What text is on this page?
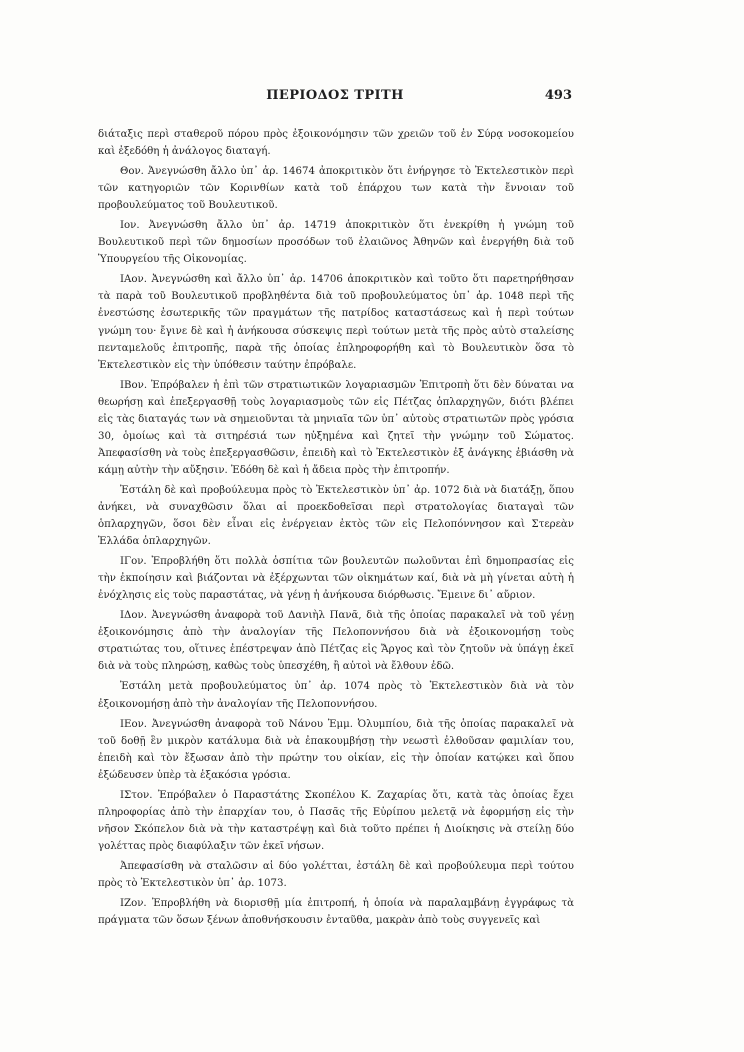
ΠΕΡΙΟΔΟΣ ΤΡΙΤΗ	493

διάταξις περὶ σταθεροῦ πόρου πρὸς ἐξοικονόμησιν τῶν χρειῶν τοῦ ἐν Σύρᾳ νοσοκομείου καὶ ἐξεδόθη ἡ ἀνάλογος διαταγή.

Θον. Ἀνεγνώσθη ἄλλο ὑπ᾽ ἀρ. 14674 ἀποκριτικὸν ὅτι ἐνήργησε τὸ Ἐκτελεστικὸν περὶ τῶν κατηγοριῶν τῶν Κορινθίων κατὰ τοῦ ἐπάρχου των κατὰ τὴν ἔννοιαν τοῦ προβουλεύματος τοῦ Βουλευτικοῦ.

Ιον. Ἀνεγνώσθη ἄλλο ὑπ᾽ ἀρ. 14719 ἀποκριτικὸν ὅτι ἐνεκρίθη ἡ γνώμη τοῦ Βουλευτικοῦ περὶ τῶν δημοσίων προσόδων τοῦ ἐλαιῶνος Ἀθηνῶν καὶ ἐνεργήθη διὰ τοῦ Ὑπουργείου τῆς Οἰκονομίας.

ΙΑον. Ἀνεγνώσθη καὶ ἄλλο ὑπ᾽ ἀρ. 14706 ἀποκριτικὸν καὶ τοῦτο ὅτι παρετηρήθησαν τὰ παρὰ τοῦ Βουλευτικοῦ προβληθέντα διὰ τοῦ προβουλεύματος ὑπ᾽ ἀρ. 1048 περὶ τῆς ἐνεστώσης ἐσωτερικῆς τῶν πραγμάτων τῆς πατρίδος καταστάσεως καὶ ἡ περὶ τούτων γνώμη του· ἔγινε δὲ καὶ ἡ ἀνήκουσα σύσκεψις περὶ τούτων μετὰ τῆς πρὸς αὐτὸ σταλείσης πενταμελοῦς ἐπιτροπῆς, παρὰ τῆς ὁποίας ἐπληροφορήθη καὶ τὸ Βουλευτικὸν ὅσα τὸ Ἐκτελεστικὸν εἰς τὴν ὑπόθεσιν ταύτην ἐπρόβαλε.

ΙΒον. Ἐπρόβαλεν ἡ ἐπὶ τῶν στρατιωτικῶν λογαριασμῶν Ἐπιτροπὴ ὅτι δὲν δύναται να θεωρήσῃ καὶ ἐπεξεργασθῇ τοὺς λογαριασμοὺς τῶν εἰς Πέτζας ὁπλαρχηγῶν, διότι βλέπει εἰς τὰς διαταγάς των νὰ σημειοῦνται τὰ μηνιαῖα τῶν ὑπ᾽ αὐτοὺς στρατιωτῶν πρὸς γρόσια 30, ὁμοίως καὶ τὰ σιτηρέσιά των ηὐξημένα καὶ ζητεῖ τὴν γνώμην τοῦ Σώματος. Ἀπεφασίσθη νὰ τοὺς ἐπεξεργασθῶσιν, ἐπειδὴ καὶ τὸ Ἐκτελεστικὸν ἐξ ἀνάγκης ἐβιάσθη νὰ κάμῃ αὐτὴν τὴν αὔξησιν. Ἐδόθη δὲ καὶ ἡ ἄδεια πρὸς τὴν ἐπιτροπήν.

Ἐστάλη δὲ καὶ προβούλευμα πρὸς τὸ Ἐκτελεστικὸν ὑπ᾽ ἀρ. 1072 διὰ νὰ διατάξῃ, ὅπου ἀνήκει, νὰ συναχθῶσιν ὅλαι αἱ προεκδοθεῖσαι περὶ στρατολογίας διαταγαὶ τῶν ὁπλαρχηγῶν, ὅσοι δὲν εἶναι εἰς ἐνέργειαν ἐκτὸς τῶν εἰς Πελοπόννησον καὶ Στερεὰν Ἑλλάδα ὁπλαρχηγῶν.

ΙΓον. Ἐπροβλήθη ὅτι πολλὰ ὁσπίτια τῶν βουλευτῶν πωλοῦνται ἐπὶ δημοπρασίας εἰς τὴν ἐκποίησιν καὶ βιάζονται νὰ ἐξέρχωνται τῶν οἰκημάτων καί, διὰ νὰ μὴ γίνεται αὐτὴ ἡ ἐνόχλησις εἰς τοὺς παραστάτας, νὰ γένῃ ἡ ἀνήκουσα διόρθωσις. Ἔμεινε δι᾽ αὔριον.

ΙΔον. Ἀνεγνώσθη ἀναφορὰ τοῦ Δανιὴλ Πανᾶ, διὰ τῆς ὁποίας παρακαλεῖ νὰ τοῦ γένῃ ἐξοικονόμησις ἀπὸ τὴν ἀναλογίαν τῆς Πελοποννήσου διὰ νὰ ἐξοικονομήσῃ τοὺς στρατιώτας του, οἵτινες ἐπέστρεψαν ἀπὸ Πέτζας εἰς Ἄργος καὶ τὸν ζητοῦν νὰ ὑπάγῃ ἐκεῖ διὰ νὰ τοὺς πληρώσῃ, καθὼς τοὺς ὑπεσχέθη, ἢ αὐτοὶ νὰ ἔλθουν ἐδῶ.

Ἐστάλη μετὰ προβουλεύματος ὑπ᾽ ἀρ. 1074 πρὸς τὸ Ἐκτελεστικὸν διὰ νὰ τὸν ἐξοικονομήσῃ ἀπὸ τὴν ἀναλογίαν τῆς Πελοποννήσου.

ΙΕον. Ἀνεγνώσθη ἀναφορὰ τοῦ Νάνου Ἐμμ. Ὀλυμπίου, διὰ τῆς ὁποίας παρακαλεῖ νὰ τοῦ δοθῇ ἓν μικρὸν κατάλυμα διὰ νὰ ἐπακουμβήσῃ τὴν νεωστὶ ἐλθοῦσαν φαμιλίαν του, ἐπειδὴ καὶ τὸν ἔξωσαν ἀπὸ τὴν πρώτην του οἰκίαν, εἰς τὴν ὁποίαν κατῴκει καὶ ὅπου ἐξώδευσεν ὑπὲρ τὰ ἑξακόσια γρόσια.

ΙΣτον. Ἐπρόβαλεν ὁ Παραστάτης Σκοπέλου Κ. Ζαχαρίας ὅτι, κατὰ τὰς ὁποίας ἔχει πληροφορίας ἀπὸ τὴν ἐπαρχίαν του, ὁ Πασᾶς τῆς Εὐρίπου μελετᾷ νὰ ἐφορμήσῃ εἰς τὴν νῆσον Σκόπελον διὰ νὰ τὴν καταστρέψῃ καὶ διὰ τοῦτο πρέπει ἡ Διοίκησις νὰ στείλῃ δύο γολέττας πρὸς διαφύλαξιν τῶν ἐκεῖ νήσων.

Ἀπεφασίσθη νὰ σταλῶσιν αἱ δύο γολέτται, ἐστάλη δὲ καὶ προβούλευμα περὶ τούτου πρὸς τὸ Ἐκτελεστικὸν ὑπ᾽ ἀρ. 1073.

ΙΖον. Ἐπροβλήθη νὰ διορισθῇ μία ἐπιτροπή, ἡ ὁποία νὰ παραλαμβάνῃ ἐγγράφως τὰ πράγματα τῶν ὅσων ξένων ἀποθνήσκουσιν ἐνταῦθα, μακρὰν ἀπὸ τοὺς συγγενεῖς καὶ
